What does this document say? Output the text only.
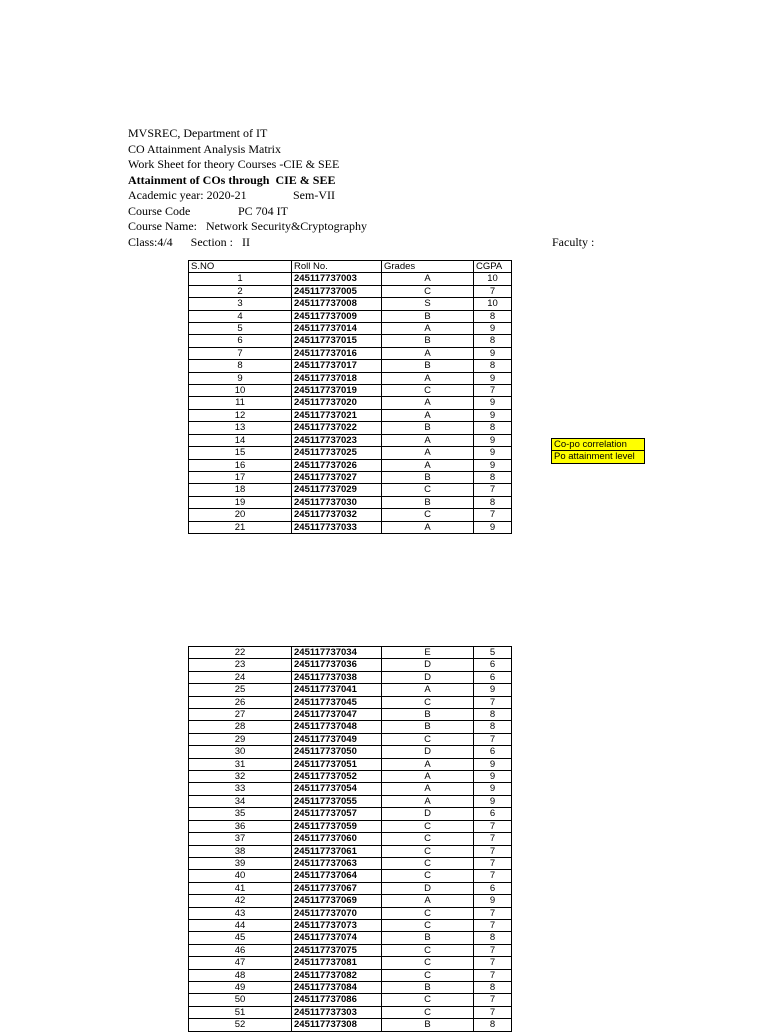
MVSREC, Department of IT
CO Attainment Analysis Matrix
Work Sheet for theory Courses -CIE & SEE
Attainment of COs through  CIE & SEE
Academic year: 2020-21
Course Code
Course Name:   Network Security&Cryptography
Class:4/4      Section :   II
Sem-VII
PC 704 IT
Faculty :
S.NO	Roll No.	Grades	CGPA
1	245117737003	A	10
2	245117737005	C	7
3	245117737008	S	10
4	245117737009	B	8
5	245117737014	A	9
6	245117737015	B	8
7	245117737016	A	9
8	245117737017	B	8
9	245117737018	A	9
10	245117737019	C	7
11	245117737020	A	9
12	245117737021	A	9
13	245117737022	B	8
14	245117737023	A	9
15	245117737025	A	9
16	245117737026	A	9
17	245117737027	B	8
18	245117737029	C	7
19	245117737030	B	8
20	245117737032	C	7
21	245117737033	A	9
Co-po correlation
Po attainment level
22	245117737034	E	5
23	245117737036	D	6
24	245117737038	D	6
25	245117737041	A	9
26	245117737045	C	7
27	245117737047	B	8
28	245117737048	B	8
29	245117737049	C	7
30	245117737050	D	6
31	245117737051	A	9
32	245117737052	A	9
33	245117737054	A	9
34	245117737055	A	9
35	245117737057	D	6
36	245117737059	C	7
37	245117737060	C	7
38	245117737061	C	7
39	245117737063	C	7
40	245117737064	C	7
41	245117737067	D	6
42	245117737069	A	9
43	245117737070	C	7
44	245117737073	C	7
45	245117737074	B	8
46	245117737075	C	7
47	245117737081	C	7
48	245117737082	C	7
49	245117737084	B	8
50	245117737086	C	7
51	245117737303	C	7
52	245117737308	B	8
